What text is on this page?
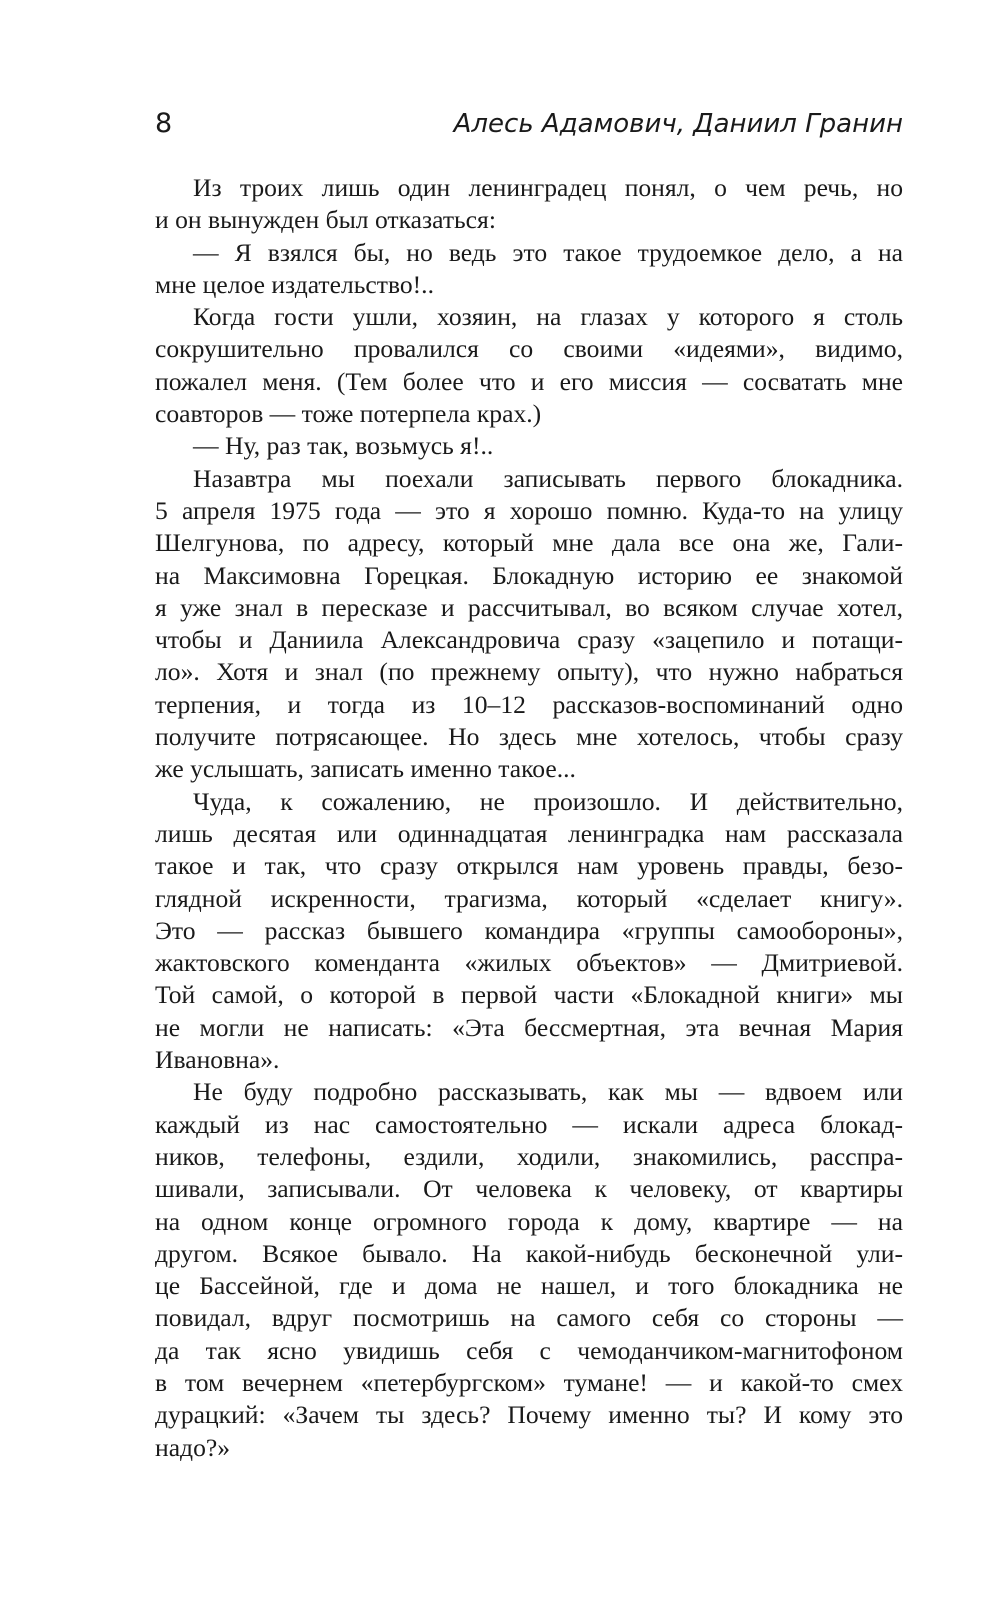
8	Алесь Адамович, Даниил Гранин
Из троих лишь один ленинградец понял, о чем речь, но
и он вынужден был отказаться:
— Я взялся бы, но ведь это такое трудоемкое дело, а на
мне целое издательство!..
Когда гости ушли, хозяин, на глазах у которого я столь
сокрушительно провалился со своими «идеями», видимо,
пожалел меня. (Тем более что и его миссия — сосватать мне
соавторов — тоже потерпела крах.)
— Ну, раз так, возьмусь я!..
Назавтра мы поехали записывать первого блокадника.
5 апреля 1975 года — это я хорошо помню. Куда-то на улицу
Шелгунова, по адресу, который мне дала все она же, Гали-
на Максимовна Горецкая. Блокадную историю ее знакомой
я уже знал в пересказе и рассчитывал, во всяком случае хотел,
чтобы и Даниила Александровича сразу «зацепило и потащи-
ло». Хотя и знал (по прежнему опыту), что нужно набраться
терпения, и тогда из 10–12 рассказов-воспоминаний одно
получите потрясающее. Но здесь мне хотелось, чтобы сразу
же услышать, записать именно такое...
Чуда, к сожалению, не произошло. И действительно,
лишь десятая или одиннадцатая ленинградка нам рассказала
такое и так, что сразу открылся нам уровень правды, безо-
глядной искренности, трагизма, который «сделает книгу».
Это — рассказ бывшего командира «группы самообороны»,
жактовского коменданта «жилых объектов» — Дмитриевой.
Той самой, о которой в первой части «Блокадной книги» мы
не могли не написать: «Эта бессмертная, эта вечная Мария
Ивановна».
Не буду подробно рассказывать, как мы — вдвоем или
каждый из нас самостоятельно — искали адреса блокад-
ников, телефоны, ездили, ходили, знакомились, расспра-
шивали, записывали. От человека к человеку, от квартиры
на одном конце огромного города к дому, квартире — на
другом. Всякое бывало. На какой-нибудь бесконечной ули-
це Бассейной, где и дома не нашел, и того блокадника не
повидал, вдруг посмотришь на самого себя со стороны —
да так ясно увидишь себя с чемоданчиком-магнитофоном
в том вечернем «петербургском» тумане! — и какой-то смех
дурацкий: «Зачем ты здесь? Почему именно ты? И кому это
надо?»
